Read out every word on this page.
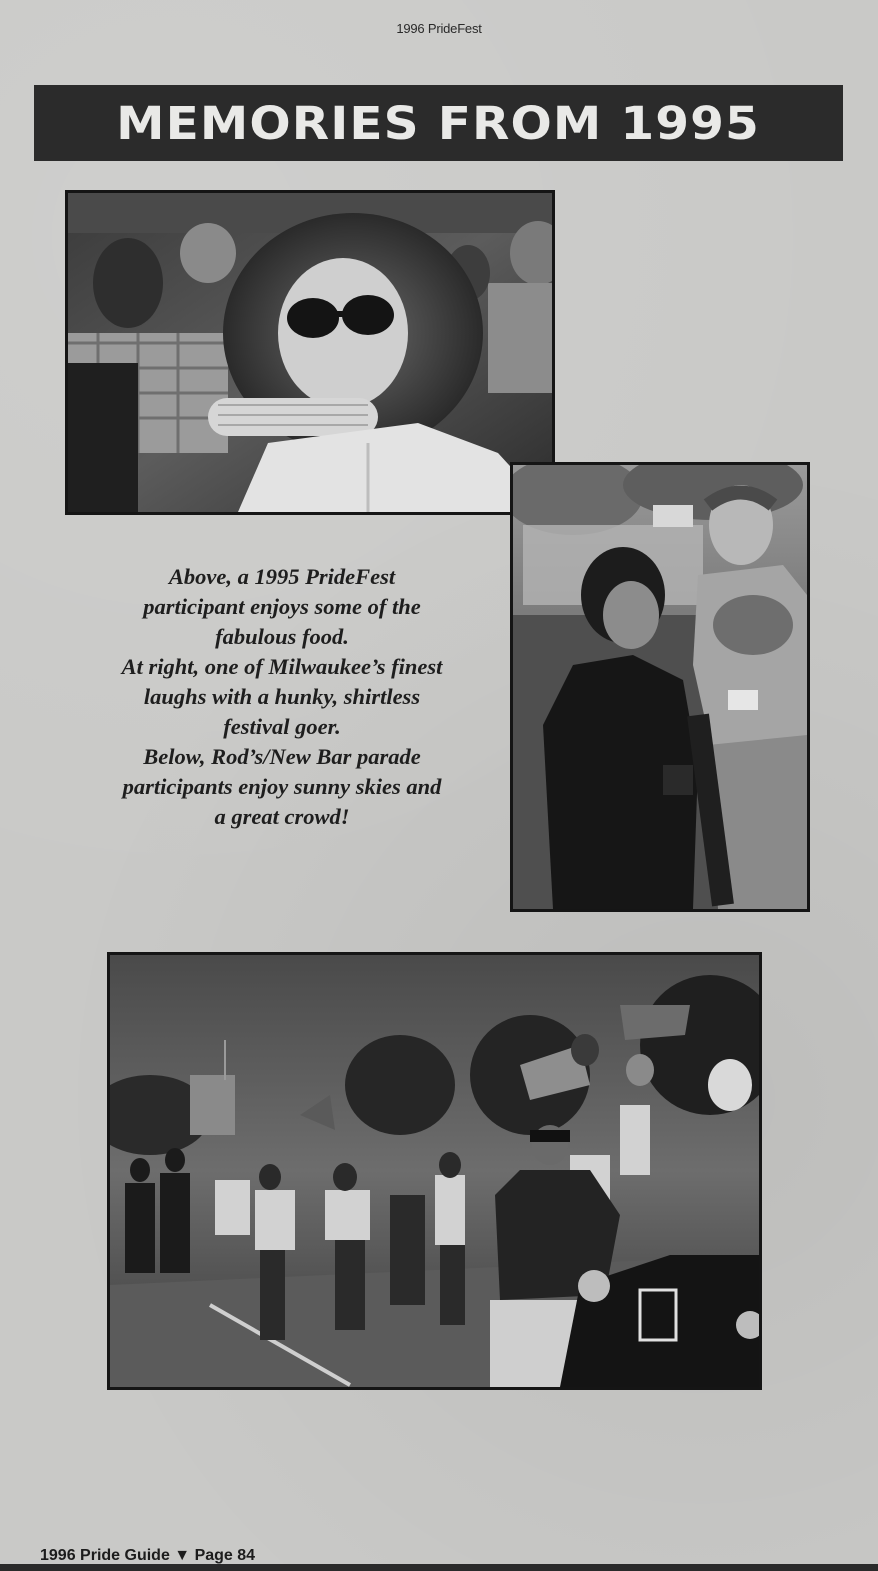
1996 PrideFest
MEMORIES FROM 1995

Above, a 1995 PrideFest

participant enjoys some of the

fabulous food.

At right, one of Milwaukee’s finest

laughs with a hunky, shirtless

festival goer.

Below, Rod’s/New Bar parade

participants enjoy sunny skies and

a great crowd!

1996 Pride Guide ▼ Page 84
